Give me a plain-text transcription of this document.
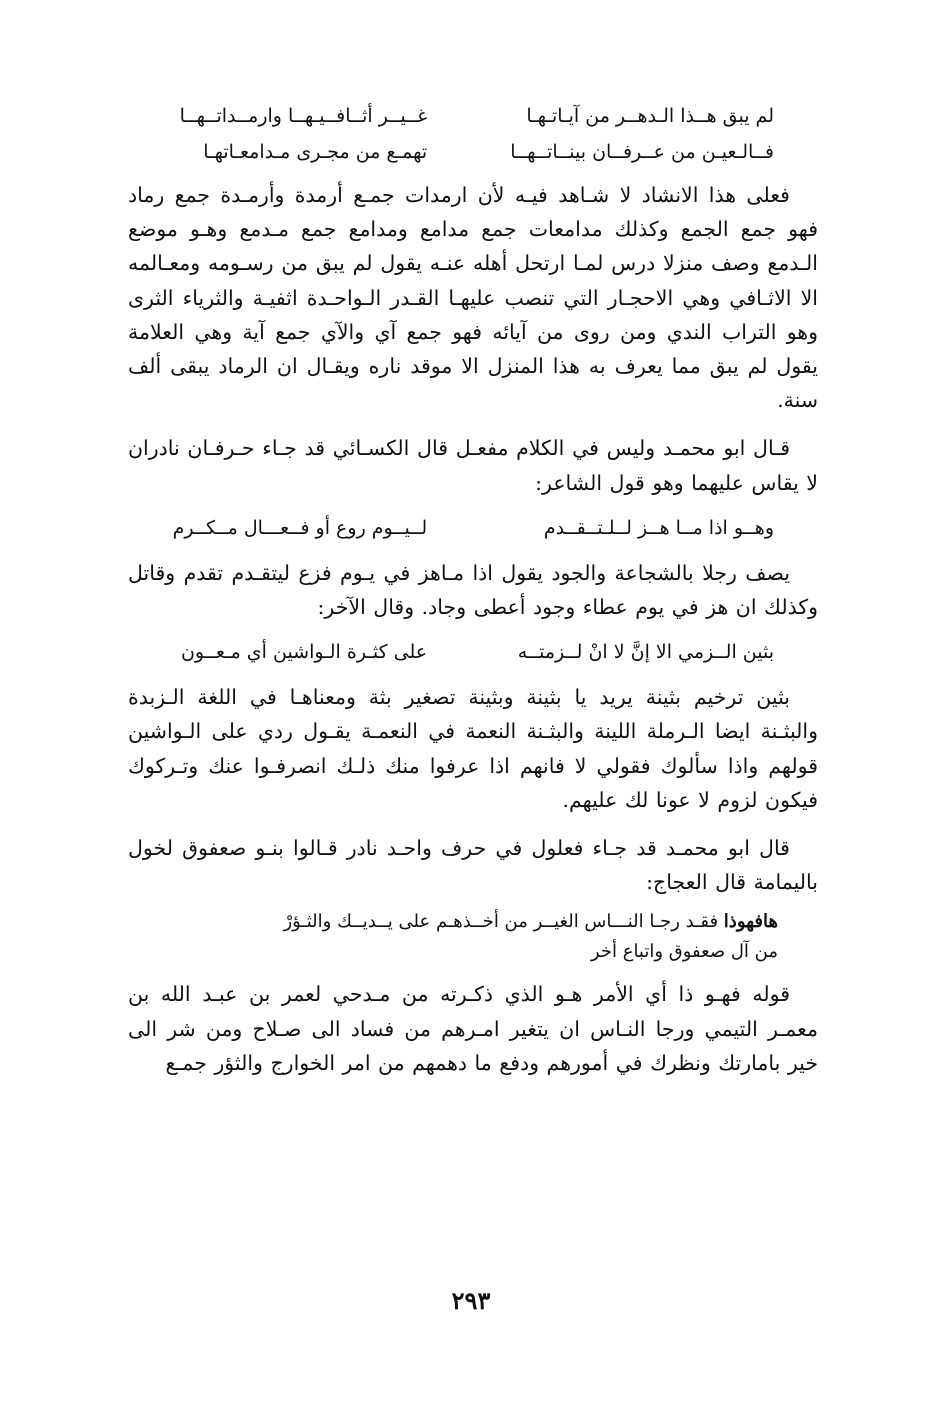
لم يبق هــذا الـدهــر من آيـاتـهـا
غــيــر أثــافــيـهــا وارمــداتــهــا
فــالـعيـن من عــرفــان بينــاتــهــا
تهمـع من مجـرى مـدامعـاتهـا

فعلى هذا الانشاد لا شـاهد فيـه لأن ارمدات جمـع أرمدة وأرمـدة جمع رماد فهو جمع الجمع وكذلك مدامعات جمع مدامع ومدامع جمع مـدمع وهـو موضع الـدمع وصف منزلا درس لمـا ارتحل أهله عنـه يقول لم يبق من رسـومه ومعـالمه الا الاثـافي وهي الاحجـار التي تنصب عليهـا القـدر الـواحـدة اثفيـة والثرياء الثرى وهو التراب الندي ومن روى من آيائه فهو جمع آي والآي جمع آية وهي العلامة يقول لم يبق مما يعرف به هذا المنزل الا موقد ناره ويقـال ان الرماد يبقى ألف سنة.

قـال ابو محمـد وليس في الكلام مفعـل قال الكسـائي قد جـاء حـرفـان نادران لا يقاس عليهما وهو قول الشاعر:

وهــو اذا مــا هــز لــلـتــقــدم
لــيــوم روع أو فــعـــال مــكــرم

يصف رجلا بالشجاعة والجود يقول اذا مـاهز في يـوم فزع ليتقـدم تقدم وقاتل وكذلك ان هز في يوم عطاء وجود أعطى وجاد. وقال الآخر:

بثين الــزمي الا إنَّ لا انْ لــزمتــه
على كثـرة الـواشين أي مـعــون

بثين ترخيم بثينة يريد يا بثينة وبثينة تصغير بثة ومعناهـا في اللغة الـزبدة والبثـنة ايضا الـرملة اللينة والبثـنة النعمة في النعمـة يقـول ردي على الـواشين قولهم واذا سألوك فقولي لا فانهم اذا عرفوا منك ذلـك انصرفـوا عنك وتـركوك فيكون لزوم لا عونا لك عليهم.

قال ابو محمـد قد جـاء فعلول في حرف واحـد نادر قـالوا بنـو صعفوق لخول باليمامة قال العجاج:

هافهوذا فقـد رجـا النـــاس الغيــر من أخــذهـم على يــديــك والثـؤرْ
من آل صعفوق واتباع أخر

قوله فهـو ذا أي الأمر هـو الذي ذكـرته من مـدحي لعمر بن عبـد الله بن معمـر التيمي ورجا النـاس ان يتغير امـرهم من فساد الى صـلاح ومن شر الى خير بامارتك ونظرك في أمورهم ودفع ما دهمهم من امر الخوارج والثؤر جمـع

٢٩٣
